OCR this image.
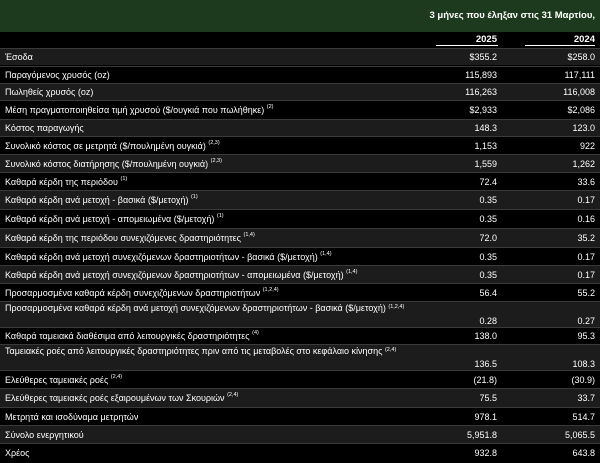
3 μήνες που έληξαν στις 31 Μαρτίου,
2025	2024
Έσοδα	$355.2	$258.0
Παραγόμενος χρυσός (oz)	115,893	117,111
Πωληθείς χρυσός (oz)	116,263	116,008
Μέση πραγματοποιηθείσα τιμή χρυσού ($/ουγκιά που πωλήθηκε) $^{(2)}$	$2,933	$2,086
Κόστος παραγωγής	148.3	123.0
Συνολικό κόστος σε μετρητά ($/πουλημένη ουγκιά) $^{(2,3)}$	1,153	922
Συνολικό κόστος διατήρησης ($/πουλημένη ουγκιά) $^{(2,3)}$	1,559	1,262
Καθαρά κέρδη της περιόδου $^{(1)}$	72.4	33.6
Καθαρά κέρδη ανά μετοχή - βασικά ($/μετοχή) $^{(1)}$	0.35	0.17
Καθαρά κέρδη ανά μετοχή - απομειωμένα ($/μετοχή) $^{(1)}$	0.35	0.16
Καθαρά κέρδη της περιόδου συνεχιζόμενες δραστηριότητες $^{(1,4)}$	72.0	35.2
Καθαρά κέρδη ανά μετοχή συνεχιζόμενων δραστηριοτήτων - βασικά ($/μετοχή) $^{(1,4)}$	0.35	0.17
Καθαρά κέρδη ανά μετοχή συνεχιζόμενων δραστηριοτήτων - απομειωμένα ($/μετοχή) $^{(1,4)}$	0.35	0.17
Προσαρμοσμένα καθαρά κέρδη συνεχιζόμενων δραστηριοτήτων $^{(1,2,4)}$	56.4	55.2
Προσαρμοσμένα καθαρά κέρδη ανά μετοχή συνεχιζόμενων δραστηριοτήτων - βασικά ($/μετοχή) $^{(1,2,4)}$
0.28	0.27
Καθαρά ταμειακά διαθέσιμα από λειτουργικές δραστηριότητες $^{(4)}$	138.0	95.3
Ταμειακές ροές από λειτουργικές δραστηριότητες πριν από τις μεταβολές στο κεφάλαιο κίνησης $^{(2,4)}$
136.5	108.3
Ελεύθερες ταμειακές ροές $^{(2,4)}$	(21.8)	(30.9)
Ελεύθερες ταμειακές ροές εξαιρουμένων των Σκουριών $^{(2,4)}$	75.5	33.7
Μετρητά και ισοδύναμα μετρητών	978.1	514.7
Σύνολο ενεργητικού	5,951.8	5,065.5
Χρέος	932.8	643.8
